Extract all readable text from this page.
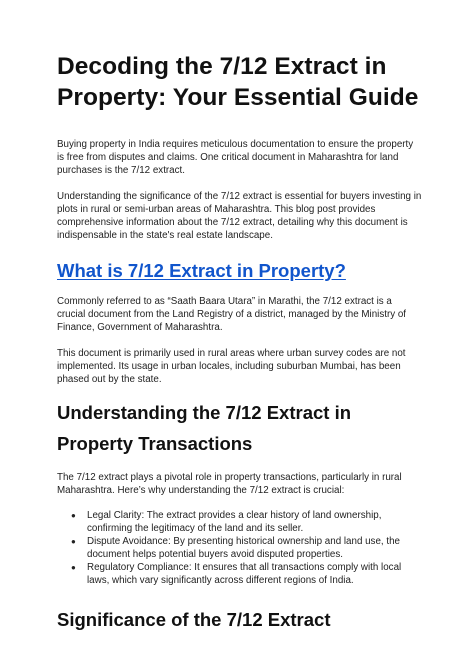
Decoding the 7/12 Extract in Property: Your Essential Guide

Buying property in India requires meticulous documentation to ensure the property is free from disputes and claims. One critical document in Maharashtra for land purchases is the 7/12 extract.

Understanding the significance of the 7/12 extract is essential for buyers investing in plots in rural or semi-urban areas of Maharashtra. This blog post provides comprehensive information about the 7/12 extract, detailing why this document is indispensable in the state's real estate landscape.

What is 7/12 Extract in Property?

Commonly referred to as “Saath Baara Utara” in Marathi, the 7/12 extract is a crucial document from the Land Registry of a district, managed by the Ministry of Finance, Government of Maharashtra.

This document is primarily used in rural areas where urban survey codes are not implemented. Its usage in urban locales, including suburban Mumbai, has been phased out by the state.

Understanding the 7/12 Extract in Property Transactions

The 7/12 extract plays a pivotal role in property transactions, particularly in rural Maharashtra. Here’s why understanding the 7/12 extract is crucial:

● Legal Clarity: The extract provides a clear history of land ownership, confirming the legitimacy of the land and its seller.
● Dispute Avoidance: By presenting historical ownership and land use, the document helps potential buyers avoid disputed properties.
● Regulatory Compliance: It ensures that all transactions comply with local laws, which vary significantly across different regions of India.
Significance of the 7/12 Extract
